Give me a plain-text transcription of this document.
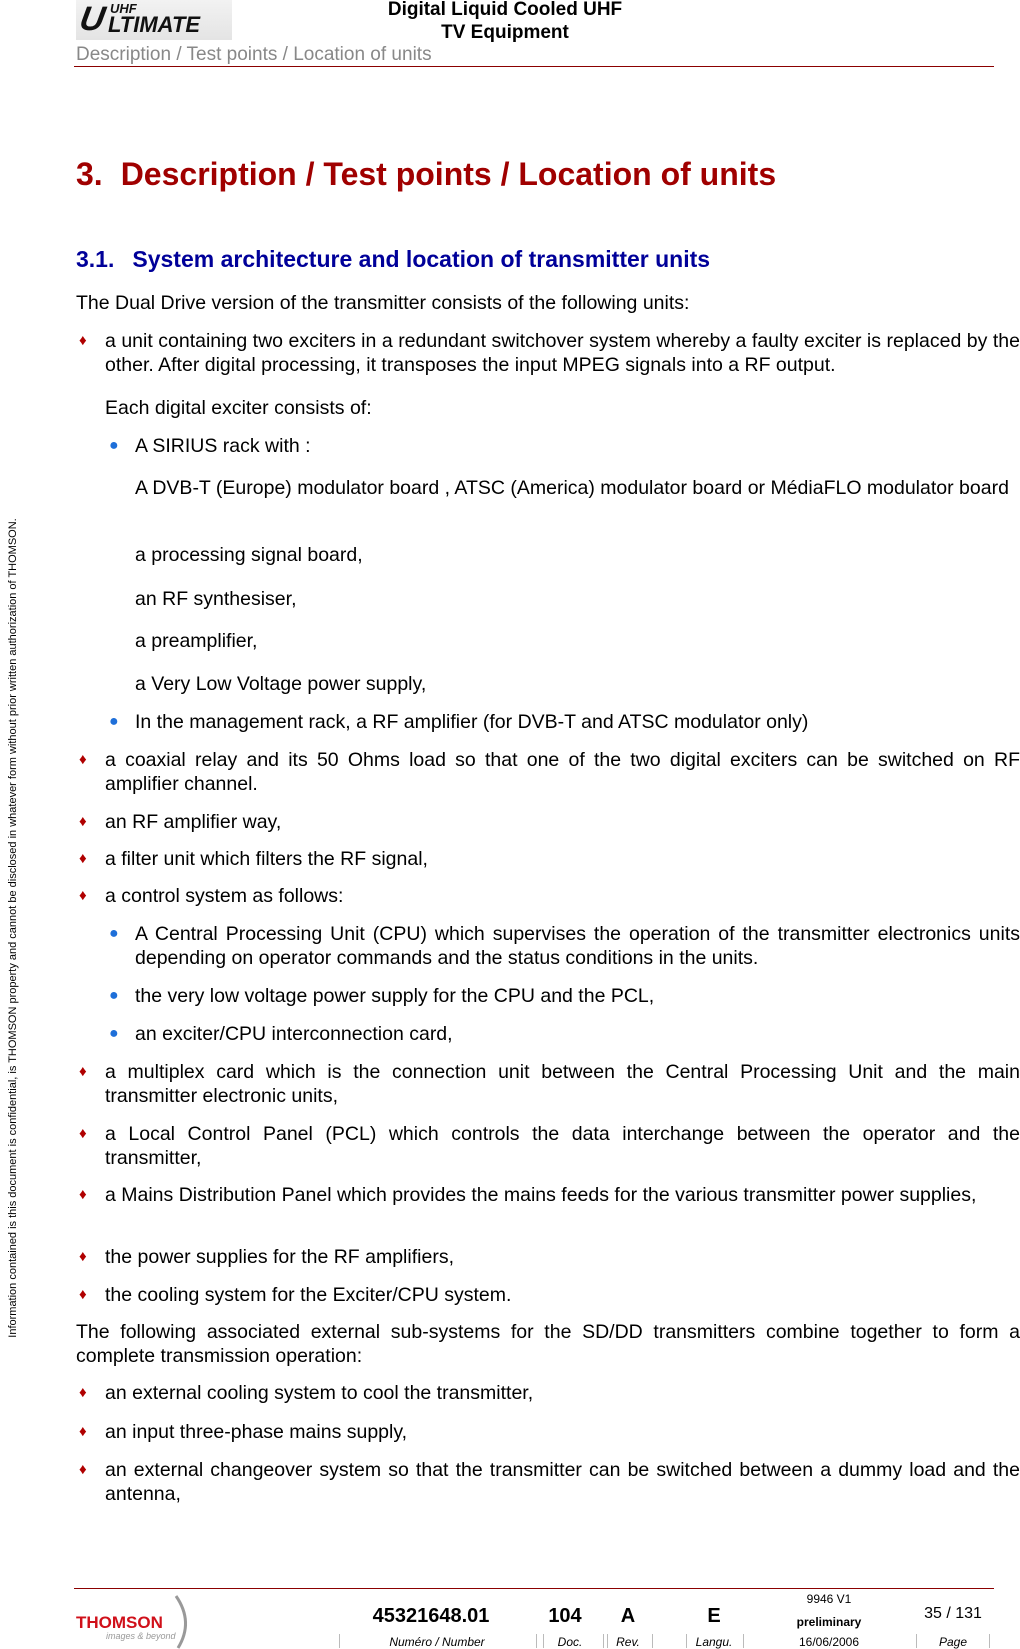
U UHF
LTIMATE
Digital Liquid Cooled UHF
TV Equipment
Description / Test points / Location of units
Information contained is this document is confidential, is THOMSON property and cannot be disclosed in whatever form without prior written authorization of THOMSON.
3. Description / Test points / Location of units
3.1. System architecture and location of transmitter units
The Dual Drive version of the transmitter consists of the following units:
♦ a unit containing two exciters in a redundant switchover system whereby a faulty exciter is replaced by the other. After digital processing, it transposes the input MPEG signals into a RF output.
Each digital exciter consists of:
● A SIRIUS rack with :
A DVB-T (Europe) modulator board , ATSC (America) modulator board or MédiaFLO modulator board
a processing signal board,
an RF synthesiser,
a preamplifier,
a Very Low Voltage power supply,
● In the management rack, a RF amplifier (for DVB-T and ATSC modulator only)
♦ a coaxial relay and its 50 Ohms load so that one of the two digital exciters can be switched on RF amplifier channel.
♦ an RF amplifier way,
♦ a filter unit which filters the RF signal,
♦ a control system as follows:
● A Central Processing Unit (CPU) which supervises the operation of the transmitter electronics units depending on operator commands and the status conditions in the units.
● the very low voltage power supply for the CPU and the PCL,
● an exciter/CPU interconnection card,
♦ a multiplex card which is the connection unit between the Central Processing Unit and the main transmitter electronic units,
♦ a Local Control Panel (PCL) which controls the data interchange between the operator and the transmitter,
♦ a Mains Distribution Panel which provides the mains feeds for the various transmitter power supplies,
♦ the power supplies for the RF amplifiers,
♦ the cooling system for the Exciter/CPU system.
The following associated external sub-systems for the SD/DD transmitters combine together to form a complete transmission operation:
♦ an external cooling system to cool the transmitter,
♦ an input three-phase mains supply,
♦ an external changeover system so that the transmitter can be switched between a dummy load and the antenna,
THOMSON
images & beyond
45321648.01	104 A	E
9946 V1
preliminary
16/06/2006
35 / 131
Numéro / Number	Doc.	Rev.	Langu.	Page
